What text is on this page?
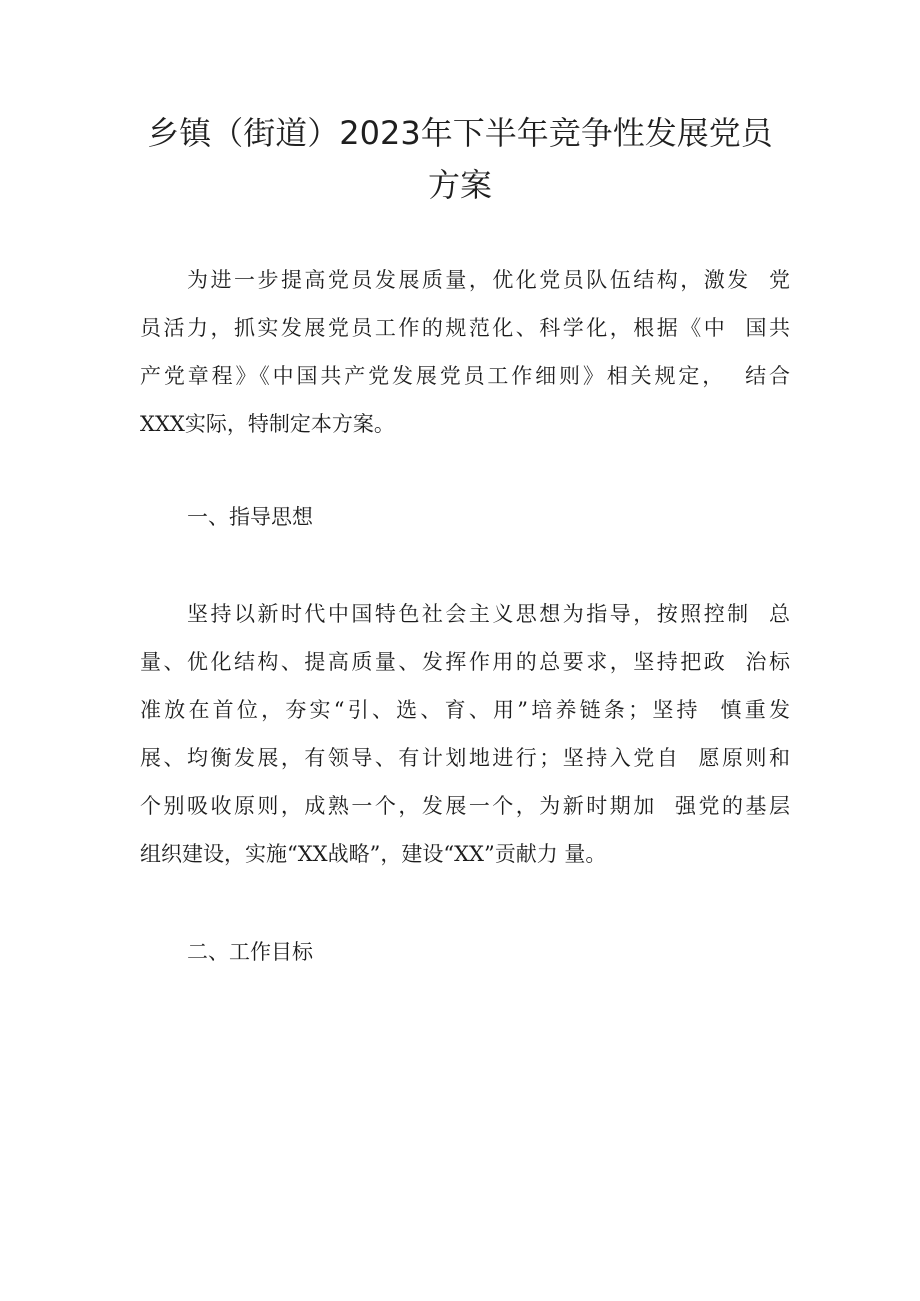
乡镇（街道）2023年下半年竞争性发展党员
方案
为进一步提高党员发展质量，优化党员队伍结构，激发  党
员活力，抓实发展党员工作的规范化、科学化，根据《中  国共
产党章程》《中国共产党发展党员工作细则》相关规定，  结合
XXX实际，特制定本方案。
一、指导思想
坚持以新时代中国特色社会主义思想为指导，按照控制  总
量、优化结构、提高质量、发挥作用的总要求，坚持把政  治标
准放在首位，夯实“引、选、育、用”培养链条；坚持  慎重发
展、均衡发展，有领导、有计划地进行；坚持入党自  愿原则和
个别吸收原则，成熟一个，发展一个，为新时期加  强党的基层
组织建设，实施“XX战略”，建设“XX”贡献力 量。
二、工作目标
